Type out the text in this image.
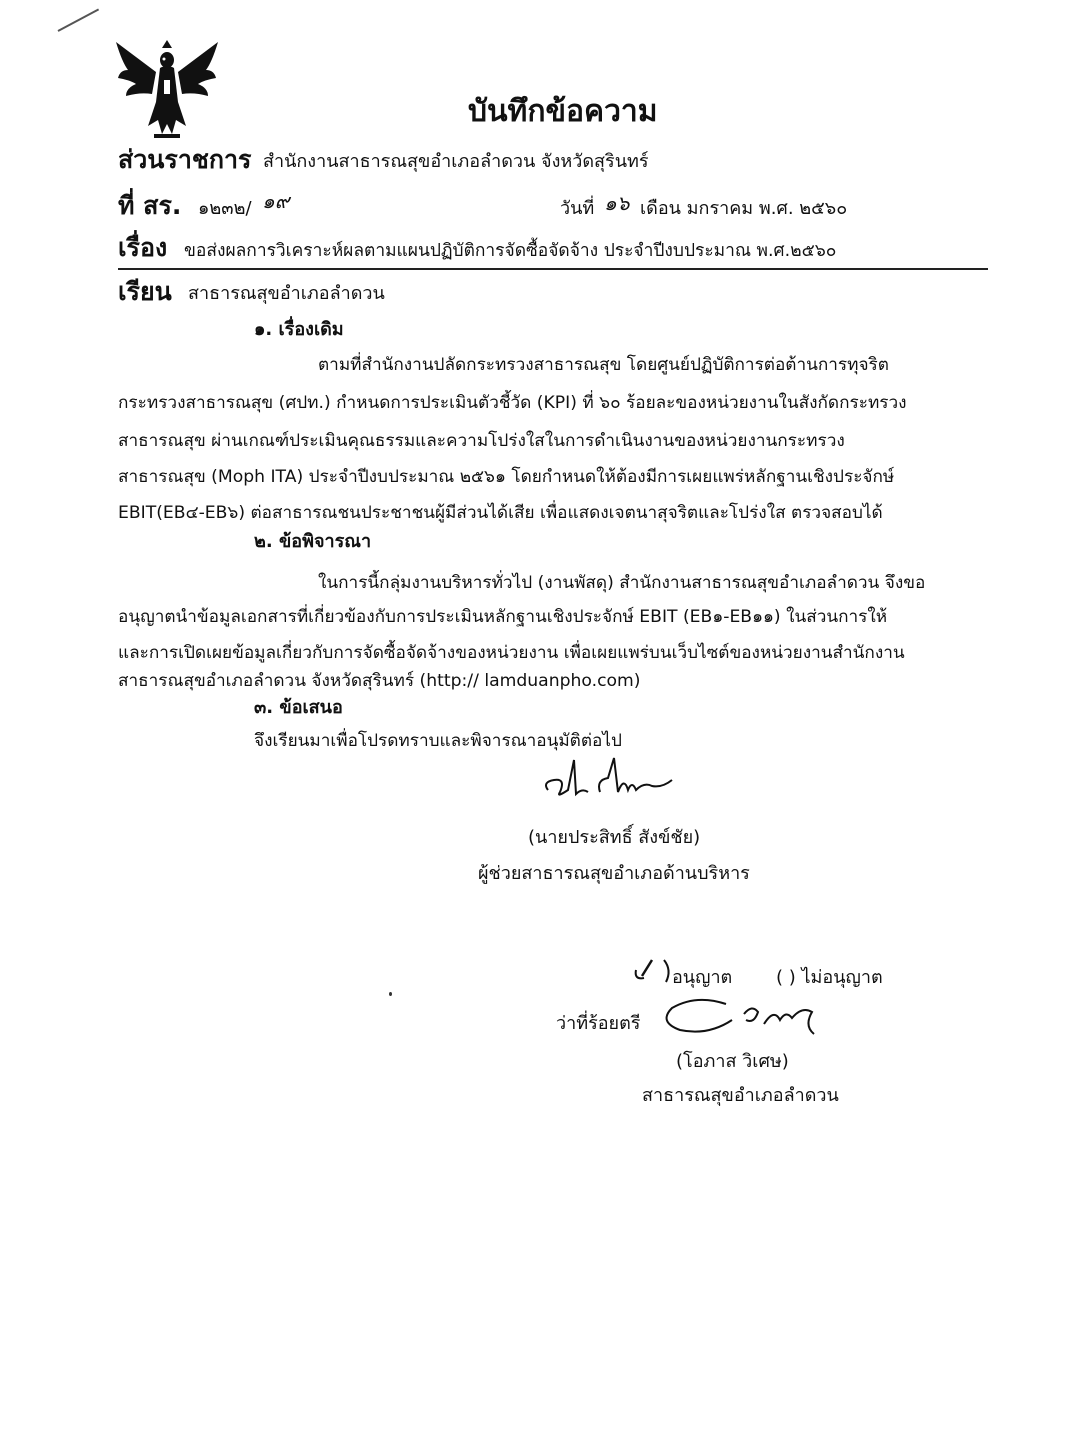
บันทึกข้อความ
ส่วนราชการ สำนักงานสาธารณสุขอำเภอลำดวน จังหวัดสุรินทร์
ที่ สร. ๑๒๓๒/ ๑๙	วันที่ ๑๖ เดือน มกราคม พ.ศ. ๒๕๖๐
เรื่อง ขอส่งผลการวิเคราะห์ผลตามแผนปฏิบัติการจัดซื้อจัดจ้าง ประจำปีงบประมาณ พ.ศ.๒๕๖๐
เรียน สาธารณสุขอำเภอลำดวน
๑. เรื่องเดิม
ตามที่สำนักงานปลัดกระทรวงสาธารณสุข โดยศูนย์ปฏิบัติการต่อต้านการทุจริต
กระทรวงสาธารณสุข (ศปท.) กำหนดการประเมินตัวชี้วัด (KPI) ที่ ๖๐ ร้อยละของหน่วยงานในสังกัดกระทรวง
สาธารณสุข ผ่านเกณฑ์ประเมินคุณธรรมและความโปร่งใสในการดำเนินงานของหน่วยงานกระทรวง
สาธารณสุข (Moph ITA) ประจำปีงบประมาณ ๒๕๖๑ โดยกำหนดให้ต้องมีการเผยแพร่หลักฐานเชิงประจักษ์
EBIT(EB๔-EB๖) ต่อสาธารณชนประชาชนผู้มีส่วนได้เสีย เพื่อแสดงเจตนาสุจริตและโปร่งใส ตรวจสอบได้
๒. ข้อพิจารณา
ในการนี้กลุ่มงานบริหารทั่วไป (งานพัสดุ) สำนักงานสาธารณสุขอำเภอลำดวน จึงขอ
อนุญาตนำข้อมูลเอกสารที่เกี่ยวข้องกับการประเมินหลักฐานเชิงประจักษ์ EBIT (EB๑-EB๑๑) ในส่วนการให้
และการเปิดเผยข้อมูลเกี่ยวกับการจัดซื้อจัดจ้างของหน่วยงาน เพื่อเผยแพร่บนเว็บไซต์ของหน่วยงานสำนักงาน
สาธารณสุขอำเภอลำดวน จังหวัดสุรินทร์ (http:// lamduanpho.com)
๓. ข้อเสนอ
จึงเรียนมาเพื่อโปรดทราบและพิจารณาอนุมัติต่อไป
(นายประสิทธิ์ สังข์ชัย)
ผู้ช่วยสาธารณสุขอำเภอด้านบริหาร
อนุญาต ( ) ไม่อนุญาต
ว่าที่ร้อยตรี
(โอภาส วิเศษ)
สาธารณสุขอำเภอลำดวน
